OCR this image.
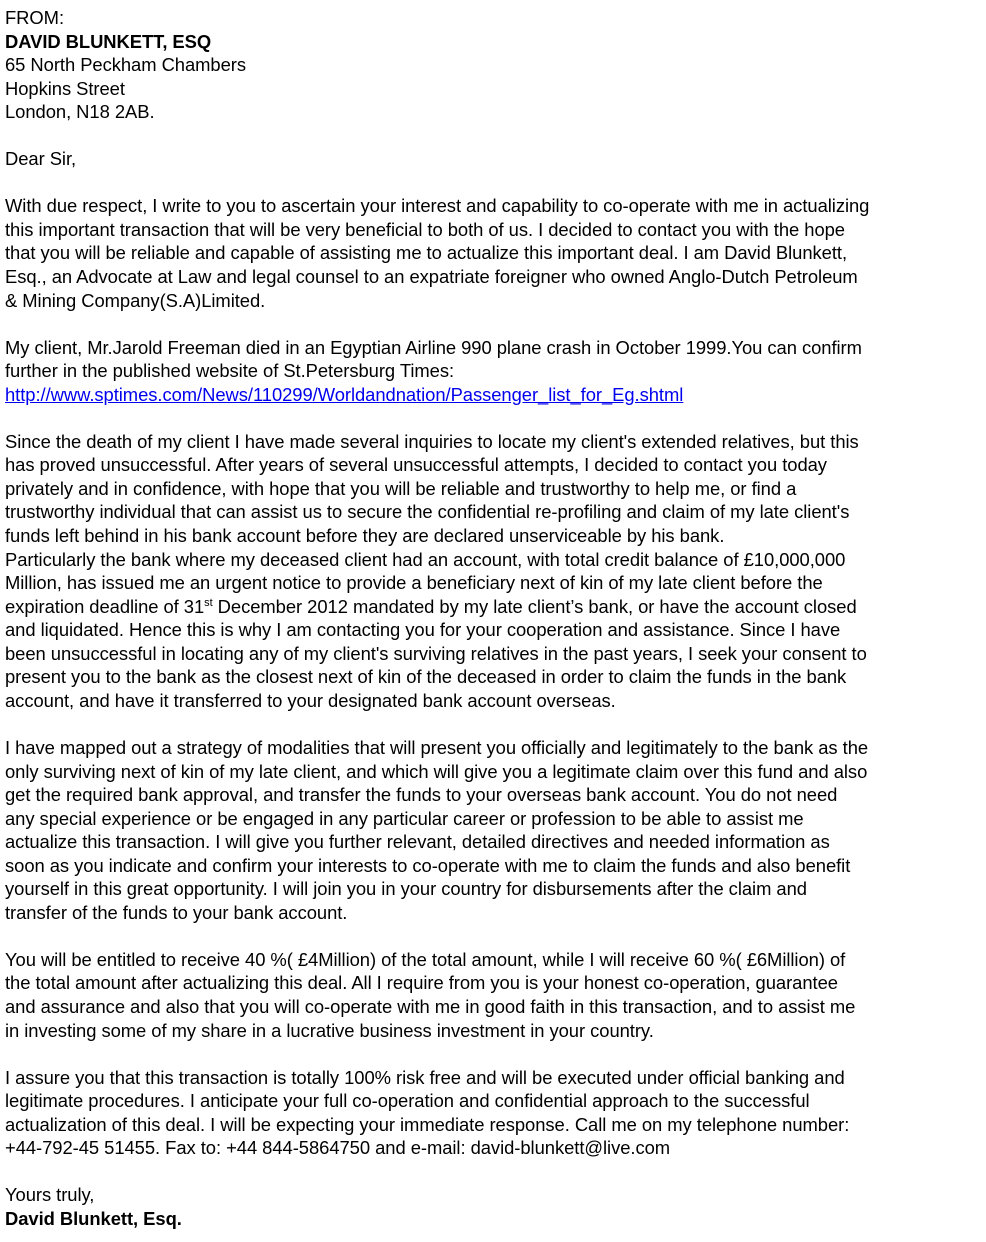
FROM:
DAVID BLUNKETT, ESQ
65 North Peckham Chambers
Hopkins Street
London, N18 2AB.
Dear Sir,
With due respect, I write to you to ascertain your interest and capability to co-operate with me in actualizing
this important transaction that will be very beneficial to both of us. I decided to contact you with the hope
that you will be reliable and capable of assisting me to actualize this important deal. I am David Blunkett,
Esq., an Advocate at Law and legal counsel to an expatriate foreigner who owned Anglo-Dutch Petroleum
& Mining Company(S.A)Limited.
My client, Mr.Jarold Freeman died in an Egyptian Airline 990 plane crash in October 1999.You can confirm
further in the published website of St.Petersburg Times:
http://www.sptimes.com/News/110299/Worldandnation/Passenger_list_for_Eg.shtml
Since the death of my client I have made several inquiries to locate my client's extended relatives, but this
has proved unsuccessful. After years of several unsuccessful attempts, I decided to contact you today
privately and in confidence, with hope that you will be reliable and trustworthy to help me, or find a
trustworthy individual that can assist us to secure the confidential re-profiling and claim of my late client's
funds left behind in his bank account before they are declared unserviceable by his bank.
Particularly the bank where my deceased client had an account, with total credit balance of £10,000,000
Million, has issued me an urgent notice to provide a beneficiary next of kin of my late client before the
expiration deadline of 31st December 2012 mandated by my late client’s bank, or have the account closed
and liquidated. Hence this is why I am contacting you for your cooperation and assistance. Since I have
been unsuccessful in locating any of my client's surviving relatives in the past years, I seek your consent to
present you to the bank as the closest next of kin of the deceased in order to claim the funds in the bank
account, and have it transferred to your designated bank account overseas.
I have mapped out a strategy of modalities that will present you officially and legitimately to the bank as the
only surviving next of kin of my late client, and which will give you a legitimate claim over this fund and also
get the required bank approval, and transfer the funds to your overseas bank account. You do not need
any special experience or be engaged in any particular career or profession to be able to assist me
actualize this transaction. I will give you further relevant, detailed directives and needed information as
soon as you indicate and confirm your interests to co-operate with me to claim the funds and also benefit
yourself in this great opportunity. I will join you in your country for disbursements after the claim and
transfer of the funds to your bank account.
You will be entitled to receive 40 %( £4Million) of the total amount, while I will receive 60 %( £6Million) of
the total amount after actualizing this deal. All I require from you is your honest co-operation, guarantee
and assurance and also that you will co-operate with me in good faith in this transaction, and to assist me
in investing some of my share in a lucrative business investment in your country.
I assure you that this transaction is totally 100% risk free and will be executed under official banking and
legitimate procedures. I anticipate your full co-operation and confidential approach to the successful
actualization of this deal. I will be expecting your immediate response. Call me on my telephone number:
+44-792-45 51455. Fax to: +44 844-5864750 and e-mail: david-blunkett@live.com
Yours truly,
David Blunkett, Esq.
